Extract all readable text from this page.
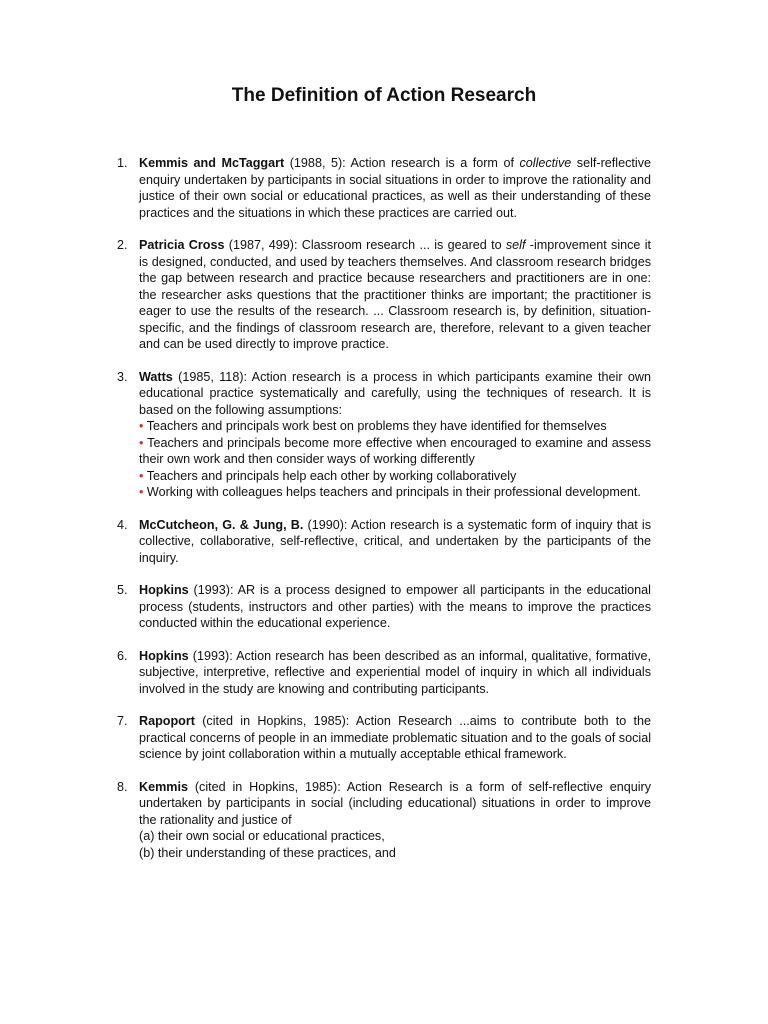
The Definition of Action Research
1. Kemmis and McTaggart (1988, 5): Action research is a form of collective self-reflective enquiry undertaken by participants in social situations in order to improve the rationality and justice of their own social or educational practices, as well as their understanding of these practices and the situations in which these practices are carried out.
2. Patricia Cross (1987, 499): Classroom research ... is geared to self -improvement since it is designed, conducted, and used by teachers themselves. And classroom research bridges the gap between research and practice because researchers and practitioners are in one: the researcher asks questions that the practitioner thinks are important; the practitioner is eager to use the results of the research. ... Classroom research is, by definition, situation-specific, and the findings of classroom research are, therefore, relevant to a given teacher and can be used directly to improve practice.
3. Watts (1985, 118): Action research is a process in which participants examine their own educational practice systematically and carefully, using the techniques of research. It is based on the following assumptions:
• Teachers and principals work best on problems they have identified for themselves
• Teachers and principals become more effective when encouraged to examine and assess their own work and then consider ways of working differently
• Teachers and principals help each other by working collaboratively
• Working with colleagues helps teachers and principals in their professional development.
4. McCutcheon, G. & Jung, B. (1990): Action research is a systematic form of inquiry that is collective, collaborative, self-reflective, critical, and undertaken by the participants of the inquiry.
5. Hopkins (1993): AR is a process designed to empower all participants in the educational process (students, instructors and other parties) with the means to improve the practices conducted within the educational experience.
6. Hopkins (1993): Action research has been described as an informal, qualitative, formative, subjective, interpretive, reflective and experiential model of inquiry in which all individuals involved in the study are knowing and contributing participants.
7. Rapoport (cited in Hopkins, 1985): Action Research ...aims to contribute both to the practical concerns of people in an immediate problematic situation and to the goals of social science by joint collaboration within a mutually acceptable ethical framework.
8. Kemmis (cited in Hopkins, 1985): Action Research is a form of self-reflective enquiry undertaken by participants in social (including educational) situations in order to improve the rationality and justice of
(a) their own social or educational practices,
(b) their understanding of these practices, and
